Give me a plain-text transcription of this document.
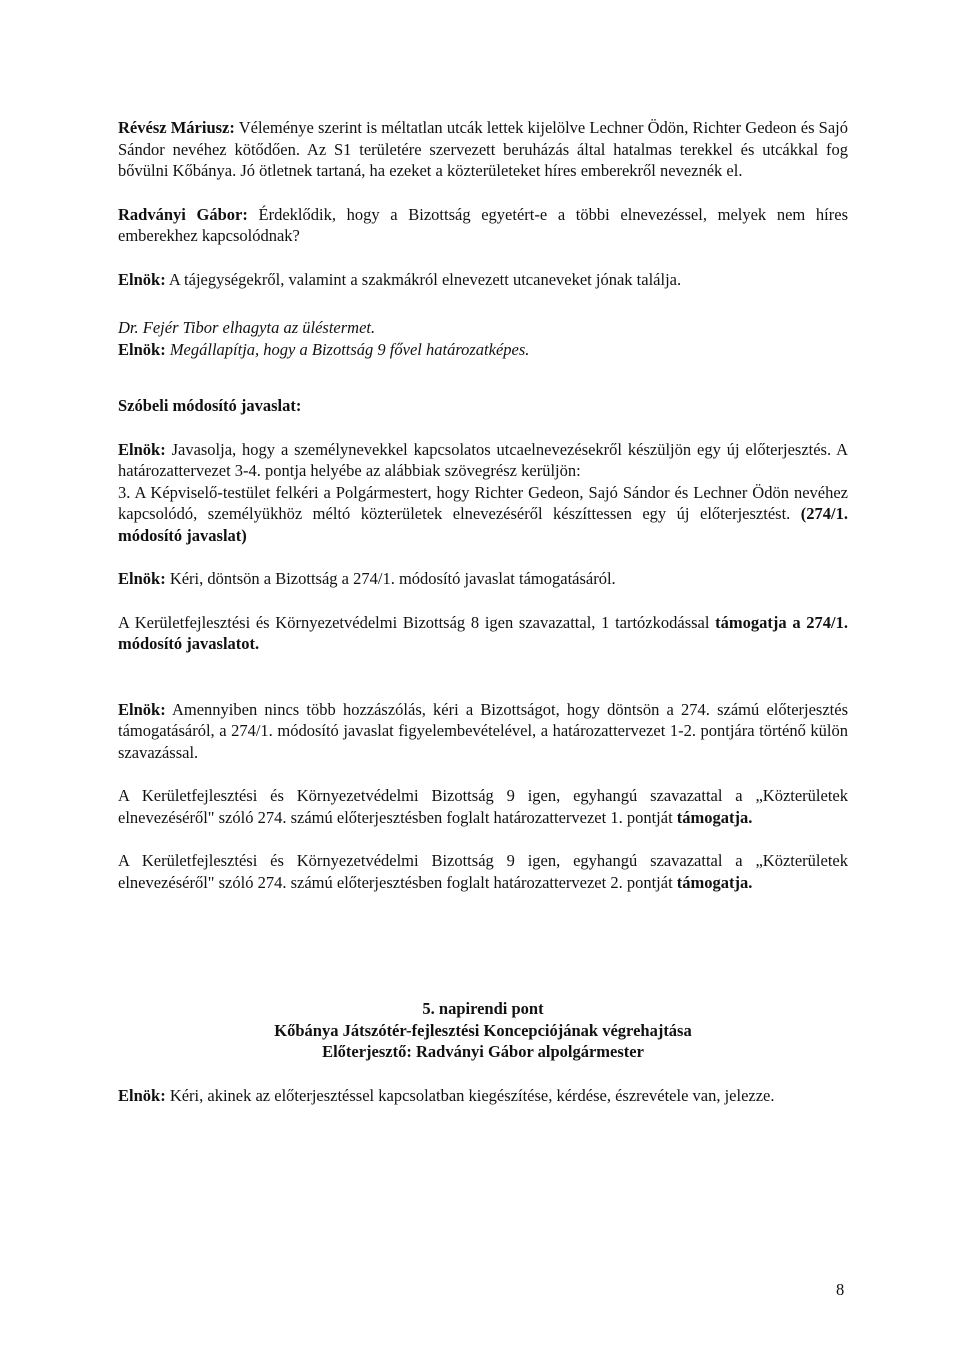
Révész Máriusz: Véleménye szerint is méltatlan utcák lettek kijelölve Lechner Ödön, Richter Gedeon és Sajó Sándor nevéhez kötődően. Az S1 területére szervezett beruházás által hatalmas terekkel és utcákkal fog bővülni Kőbánya. Jó ötletnek tartaná, ha ezeket a közterületeket híres emberekről neveznék el.

Radványi Gábor: Érdeklődik, hogy a Bizottság egyetért-e a többi elnevezéssel, melyek nem híres emberekhez kapcsolódnak?

Elnök: A tájegységekről, valamint a szakmákról elnevezett utcaneveket jónak találja.

Dr. Fejér Tibor elhagyta az üléstermet.

Elnök: Megállapítja, hogy a Bizottság 9 fővel határozatképes.

Szóbeli módosító javaslat:

Elnök: Javasolja, hogy a személynevekkel kapcsolatos utcaelnevezésekről készüljön egy új előterjesztés. A határozattervezet 3-4. pontja helyébe az alábbiak szövegrész kerüljön:

3. A Képviselő-testület felkéri a Polgármestert, hogy Richter Gedeon, Sajó Sándor és Lechner Ödön nevéhez kapcsolódó, személyükhöz méltó közterületek elnevezéséről készíttessen egy új előterjesztést. (274/1. módosító javaslat)

Elnök: Kéri, döntsön a Bizottság a 274/1. módosító javaslat támogatásáról.

A Kerületfejlesztési és Környezetvédelmi Bizottság 8 igen szavazattal, 1 tartózkodással támogatja a 274/1. módosító javaslatot.

Elnök: Amennyiben nincs több hozzászólás, kéri a Bizottságot, hogy döntsön a 274. számú előterjesztés támogatásáról, a 274/1. módosító javaslat figyelembevételével, a határozattervezet 1-2. pontjára történő külön szavazással.

A Kerületfejlesztési és Környezetvédelmi Bizottság 9 igen, egyhangú szavazattal a „Közterületek elnevezéséről" szóló 274. számú előterjesztésben foglalt határozattervezet 1. pontját támogatja.

A Kerületfejlesztési és Környezetvédelmi Bizottság 9 igen, egyhangú szavazattal a „Közterületek elnevezéséről" szóló 274. számú előterjesztésben foglalt határozattervezet 2. pontját támogatja.

5. napirendi pont

Kőbánya Játszótér-fejlesztési Koncepciójának végrehajtása

Előterjesztő: Radványi Gábor alpolgármester

Elnök: Kéri, akinek az előterjesztéssel kapcsolatban kiegészítése, kérdése, észrevétele van, jelezze.

8
